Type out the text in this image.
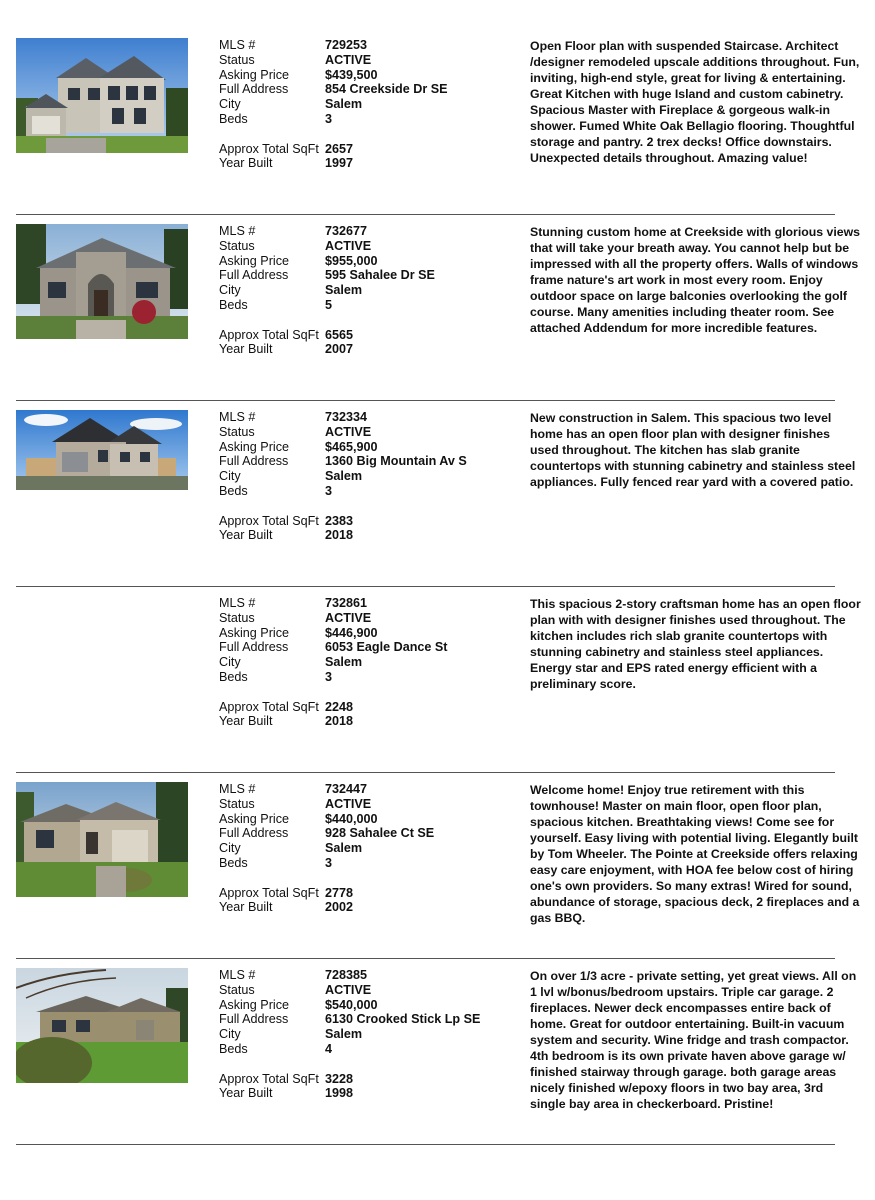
MLS #	729253
Status	ACTIVE
Asking Price	$439,500
Full Address	854 Creekside Dr SE
City	Salem
Beds	3
Approx Total SqFt 2657
Year Built	1997
Open Floor plan with suspended Staircase. Architect /designer remodeled upscale additions throughout. Fun, inviting, high-end style, great for living & entertaining. Great Kitchen with huge Island and custom cabinetry. Spacious Master with Fireplace & gorgeous walk-in shower. Fumed White Oak Bellagio flooring. Thoughtful storage and pantry. 2 trex decks! Office downstairs. Unexpected details throughout. Amazing value!
MLS #	732677
Status	ACTIVE
Asking Price	$955,000
Full Address	595 Sahalee Dr SE
City	Salem
Beds	5
Approx Total SqFt 6565
Year Built	2007
Stunning custom home at Creekside with glorious views that will take your breath away. You cannot help but be impressed with all the property offers. Walls of windows frame nature's art work in most every room. Enjoy outdoor space on large balconies overlooking the golf course. Many amenities including theater room. See attached Addendum for more incredible features.
MLS #	732334
Status	ACTIVE
Asking Price	$465,900
Full Address	1360 Big Mountain Av S
City	Salem
Beds	3
Approx Total SqFt 2383
Year Built	2018
New construction in Salem. This spacious two level home has an open floor plan with designer finishes used throughout. The kitchen has slab granite countertops with stunning cabinetry and stainless steel appliances. Fully fenced rear yard with a covered patio.
MLS #	732861
Status	ACTIVE
Asking Price	$446,900
Full Address	6053 Eagle Dance St
City	Salem
Beds	3
Approx Total SqFt 2248
Year Built	2018
This spacious 2-story craftsman home has an open floor plan with with designer finishes used throughout. The kitchen includes rich slab granite countertops with stunning cabinetry and stainless steel appliances. Energy star and EPS rated energy efficient with a preliminary score.
MLS #	732447
Status	ACTIVE
Asking Price	$440,000
Full Address	928 Sahalee Ct SE
City	Salem
Beds	3
Approx Total SqFt 2778
Year Built	2002
Welcome home! Enjoy true retirement with this townhouse! Master on main floor, open floor plan, spacious kitchen. Breathtaking views! Come see for yourself. Easy living with potential living. Elegantly built by Tom Wheeler. The Pointe at Creekside offers relaxing easy care enjoyment, with HOA fee below cost of hiring one's own providers. So many extras! Wired for sound, abundance of storage, spacious deck, 2 fireplaces and a gas BBQ.
MLS #	728385
Status	ACTIVE
Asking Price	$540,000
Full Address	6130 Crooked Stick Lp SE
City	Salem
Beds	4
Approx Total SqFt 3228
Year Built	1998
On over 1/3 acre - private setting, yet great views. All on 1 lvl w/bonus/bedroom upstairs. Triple car garage. 2 fireplaces. Newer deck encompasses entire back of home. Great for outdoor entertaining. Built-in vacuum system and security. Wine fridge and trash compactor. 4th bedroom is its own private haven above garage w/ finished stairway through garage. both garage areas nicely finished w/epoxy floors in two bay area, 3rd single bay area in checkerboard. Pristine!
